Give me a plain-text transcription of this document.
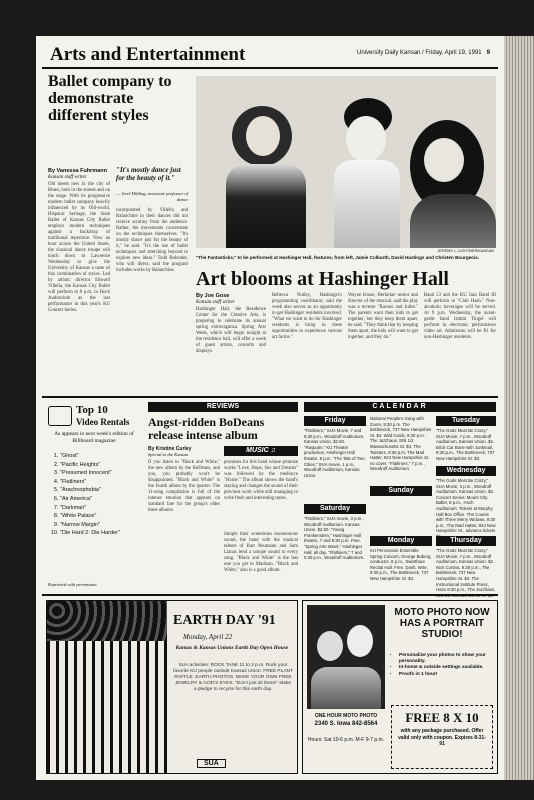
Arts and Entertainment	University Daily Kansan / Friday, April 19, 1991 9
Ballet company to demonstrate different styles
By Vanessa Fuhrmann
Kansan staff writer
Old meets new in the city of Blues, both in the streets and on the stage. With its progressive modern ballet company heavily influenced by its Old-world, Hispanic heritage, the State Ballet of Kansas City Ballet employs modern techniques against a backdrop of traditional repertoire. Now an hour across the United States, the classical dance troupe will touch down at Lawrence Wednesday to give the University of Kansas a taste of this combination of styles. Led by artistic director Edward Villella, the Kansas City Ballet will perform at 8 p.m. in Hoch Auditorium as the last performance in this year's KU Concert Series.
"It's mostly dance just for the beauty of it."
— Jerel Hilding, associate professor of dance
incorporated by Villella and Balanchine in their dances did not receive scrutiny from the audience. Rather, the movements concentrate on the techniques themselves. "It's mostly dance just for the beauty of it," he said. "It's the use of ballet techniques and stretching beyond to explore new ideas." Todd Bolender, who will direct, said the program includes works by Balanchine.
JEREMY L. LIGHTNER/KANSAN
"The Fantasticks," to be performed at Hashinger Hall, features, from left, Jamie Culburth, David Hastings and Christen Bourgeois.
Art blooms at Hashinger Hall
By Joe Gose
Kansan staff writer
Hashinger Hall, the Residence Center for the Creative Arts, is preparing to celebrate its annual spring extravaganza. Spring Arts Week, which will begin tonight at the residence hall, will offer a week of guest artists, concerts and displays.
Rebecca Nutley, Hashinger's programming coordinator, said the week also serves as an opportunity to get Hashinger residents involved. "What we want to do for Hashinger residents is bring in these opportunities to experience various art forms."
Wayne Kruse, Herkimer senior and director of the musical, said the play was a reverse "Romeo and Juliet." The parents want their kids to get together, but they keep them apart, he said. "They think that by keeping them apart, the kids will want to get together, and they do."
Band 53 and the KU Jazz Band III will perform in "Club Hash." Non-alcoholic beverages will be served. At 9 p.m. Wednesday, the avant-garde band Ishtim Tingel will perform in electronic performance video art. Admission will be $1 for non-Hashinger residents.
Top 10
Video Rentals
As appears in next week's edition of Billboard magazine
1. "Ghost"
2. "Pacific Heights"
3. "Presumed Innocent"
4. "Flatliners"
5. "Arachnophobia"
6. "Air America"
7. "Darkman"
8. "White Palace"
9. "Narrow Margin"
10. "Die Hard 2: Die Harder"
Reprinted with permission
REVIEWS
Angst-ridden BoDeans release intense album
By Kristine Curley
Special to the Kansan
MUSIC ♫
If you listen to "Black and White," the new album by the BoDeans, and you, you probably won't be disappointed. "Black and White" is the fourth album by the quartet. The 11-song compilation is full of the intense emotion that appears on standard fare for the group's older three albums.
promises for this band whose promise works "Love, Hope, Sex and Dreams" was followed by the mediocre "Home." The album shows the band's staying and changes the sound of their previous work while still managing to write fresh and interesting tunes.
Simple their sometimes monotonous sound, the band with the musical talents of Bart Neumann and Sam Llanas lend a unique sound to every song. "Black and White" is the last one you get to Madison. "Black and White," also is a good album.
CALENDAR
Friday
"Flatliners," SUA Movie, 7 and 9:30 p.m., Woodruff Auditorium, Kansas Union, $2.50. "Rasputin," KU Theatre production, Hashinger Hall theatre, 8 p.m. "The Tale of Two Cities," SUA movie, 1 p.m., Woodruff Auditorium, Kansas Union.
Saturday
"Flatliners," SUA movie, 3 p.m., Woodruff Auditorium. Kansas Union. $2.50. "Young Frankenstein," Hashinger Hall theatre, 7 and 9:30 p.m. Free. "Spring Arts Week," Hashinger Hall, all day. "Flatliners," 7 and 9:30 p.m., Woodruff Auditorium.
National People's Gang with Zoom, 9:30 p.m. The Bottleneck, 737 New Hampshire St. $4. Wild Cards, 9:30 p.m. The Jazzhaus, 926 1/2 Massachusetts St. $4. The Twisters, 9:30 p.m. The Mad Hatter, 924 New Hampshire St. no cover. "Flatliners," 7 p.m., Woodruff Auditorium.
Sunday
Monday
KU Percussion Ensemble Spring Concert, George Boberg, conductor, 8 p.m., Swarthout Recital Hall. Free. Dash, Wire, 9:30 p.m., The Bottleneck, 737 New Hampshire St. $4.
Tuesday
"The Gods Must Be Crazy," SUA Movie, 7 p.m., Woodruff Auditorium, Kansas Union. $2. Brick Car Bone with Junkmail, 9:30 p.m., The Bottleneck, 737 New Hampshire St. $3.
Wednesday
"The Gods Must Be Crazy," SUA Movie, 3 p.m., Woodruff Auditorium, Kansas Union. $2. Concert Series: Mount City Ballet, 8 p.m., Hoch Auditorium. Tickets at Murphy Hall Box Office. The Counts with Three Merry Widows, 9:30 p.m., The Mad Hatter, 924 New Hampshire St., advance tickets
Thursday
"The Gods Must Be Crazy," SUA Movie, 7 p.m., Woodruff Auditorium, Kansas Union. $2. Nick Cortina, 9:30 p.m., The Bottleneck, 737 New Hampshire St. $3. The Instructional Institute Press, Haze 8:30 p.m., The Jazzhaus,
EARTH DAY '91
Monday, April 22
Kansas & Kansas Unions Earth Day Open House
SUA activities: ROCK TANK 11 to 2 p.m. Rock your favorite KU people outside Kansas Union. FREE PLANT RAFFLE. EARTH PHOTOS. MAKE YOUR OWN FREE JEWELRY & GOD'S EYES. "Don't just sit there!" Make a pledge to recycle for this earth day.
SUA
MOTO PHOTO NOW HAS A PORTRAIT STUDIO!
• Personalize your photos to show your personality.
• In-home & outside settings available.
• Proofs in 1 hour!
ONE HOUR MOTO PHOTO
2340 S. Iowa 842-8564
Hours: Sat 10-6 p.m. M-F 9-7 p.m.
FREE 8 X 10
with any package purchased. Offer valid only with coupon. Expires 8-31-91
